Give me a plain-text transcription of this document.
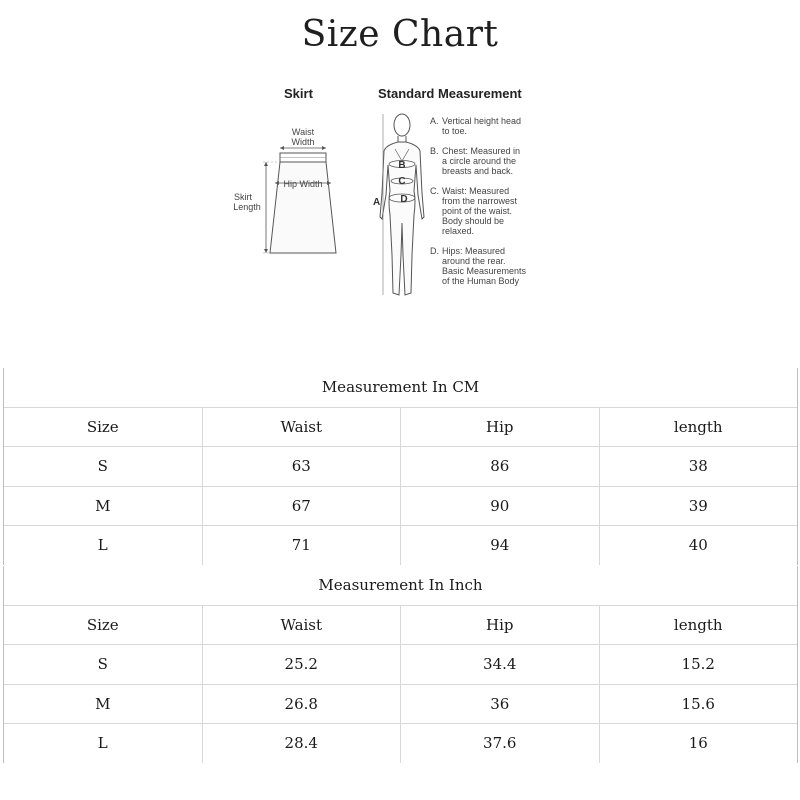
Size Chart
Skirt
Waist
Width
Hip Width
Skirt
Length
Standard Measurement
B
C
D
A
A. Vertical height head
to toe.
B. Chest: Measured in
a circle around the
breasts and back.
C. Waist: Measured
from the narrowest
point of the waist.
Body should be
relaxed.
D. Hips: Measured
around the rear.
Basic Measurements
of the Human Body
Measurement In CM			
Size	Waist	Hip	length
S	63	86	38
M	67	90	39
L	71	94	40
Measurement In Inch			
Size	Waist	Hip	length
S	25.2	34.4	15.2
M	26.8	36	15.6
L	28.4	37.6	16
